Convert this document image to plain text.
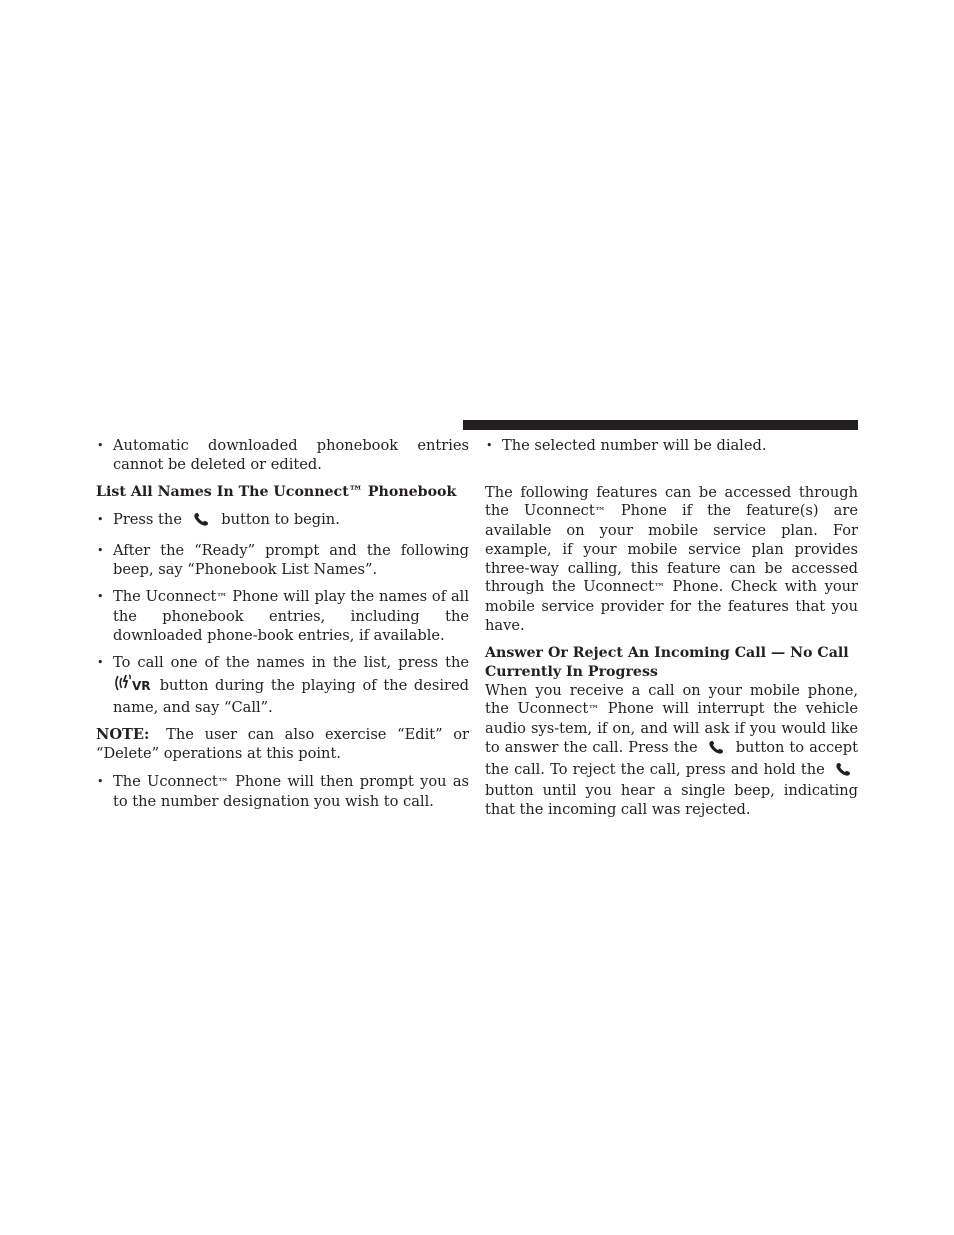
• Automatic downloaded phonebook entries cannot be deleted or edited.

List All Names In The Uconnect™ Phonebook

• Press the	button to begin.

• After the “Ready” prompt and the following beep, say “Phonebook List Names”.

• The Uconnect™ Phone will play the names of all the phonebook entries, including the downloaded phone-book entries, if available.

• To call one of the names in the list, press the
VR button during the playing of the desired name, and say “Call”.

NOTE: The user can also exercise “Edit” or “Delete” operations at this point.

• The Uconnect™ Phone will then prompt you as to the number designation you wish to call.

• The selected number will be dialed.

The following features can be accessed through the Uconnect™ Phone if the feature(s) are available on your mobile service plan. For example, if your mobile service plan provides three-way calling, this feature can be accessed through the Uconnect™ Phone. Check with your mobile service provider for the features that you have.

Answer Or Reject An Incoming Call — No Call Currently In Progress

When you receive a call on your mobile phone, the Uconnect™ Phone will interrupt the vehicle audio sys-tem, if on, and will ask if you would like to answer the call. Press the	button to accept the call. To reject the call, press and hold the  button until you hear a single beep, indicating that the incoming call was rejected.
